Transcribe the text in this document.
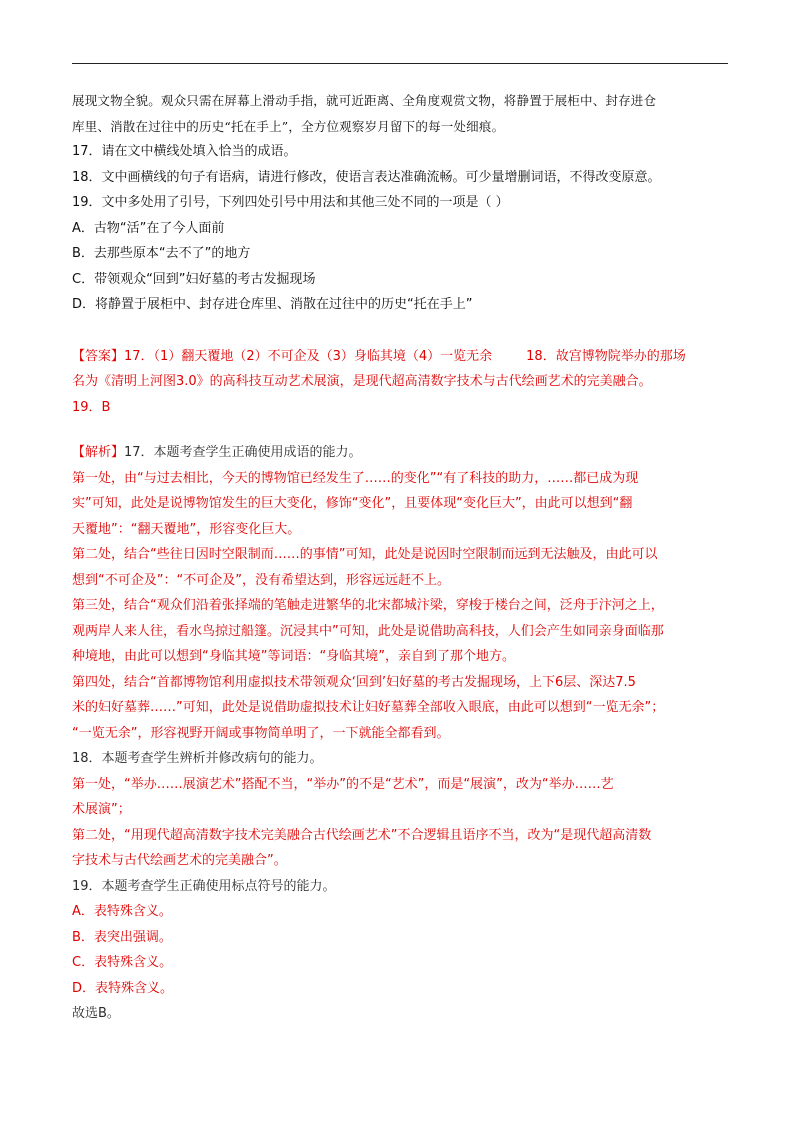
展现文物全貌。观众只需在屏幕上滑动手指，就可近距离、全角度观赏文物，将静置于展柜中、封存进仓

库里、消散在过往中的历史“托在手上”，全方位观察岁月留下的每一处细痕。

17．请在文中横线处填入恰当的成语。

18．文中画横线的句子有语病，请进行修改，使语言表达准确流畅。可少量增删词语，不得改变原意。

19．文中多处用了引号，下列四处引号中用法和其他三处不同的一项是（ ）

A．古物“活”在了今人面前

B．去那些原本“去不了”的地方

C．带领观众“回到”妇好墓的考古发掘现场

D．将静置于展柜中、封存进仓库里、消散在过往中的历史“托在手上”

【答案】17．（1）翻天覆地（2）不可企及（3）身临其境（4）一览无余	18．故宫博物院举办的那场

名为《清明上河图3.0》的高科技互动艺术展演，是现代超高清数字技术与古代绘画艺术的完美融合。

19．B

【解析】17．本题考查学生正确使用成语的能力。

第一处，由“与过去相比，今天的博物馆已经发生了……的变化”“有了科技的助力，……都已成为现

实”可知，此处是说博物馆发生的巨大变化，修饰“变化”，且要体现“变化巨大”，由此可以想到“翻

天覆地”：“翻天覆地”，形容变化巨大。

第二处，结合“些往日因时空限制而……的事情”可知，此处是说因时空限制而远到无法触及，由此可以

想到“不可企及”：“不可企及”，没有希望达到，形容远远赶不上。

第三处，结合“观众们沿着张择端的笔触走进繁华的北宋都城汴梁，穿梭于楼台之间，泛舟于汴河之上，

观两岸人来人往，看水鸟掠过船篷。沉浸其中”可知，此处是说借助高科技，人们会产生如同亲身面临那

种境地，由此可以想到“身临其境”等词语：“身临其境”，亲自到了那个地方。

第四处，结合“首都博物馆利用虚拟技术带领观众‘回到’妇好墓的考古发掘现场，上下6层、深达7.5

米的妇好墓葬……”可知，此处是说借助虚拟技术让妇好墓葬全部收入眼底，由此可以想到“一览无余”；

“一览无余”，形容视野开阔或事物简单明了，一下就能全都看到。

18．本题考查学生辨析并修改病句的能力。

第一处，“举办……展演艺术”搭配不当，“举办”的不是“艺术”，而是“展演”，改为“举办……艺

术展演”；

第二处，“用现代超高清数字技术完美融合古代绘画艺术”不合逻辑且语序不当，改为“是现代超高清数

字技术与古代绘画艺术的完美融合”。

19．本题考查学生正确使用标点符号的能力。

A．表特殊含义。

B．表突出强调。

C．表特殊含义。

D．表特殊含义。

故选B。
